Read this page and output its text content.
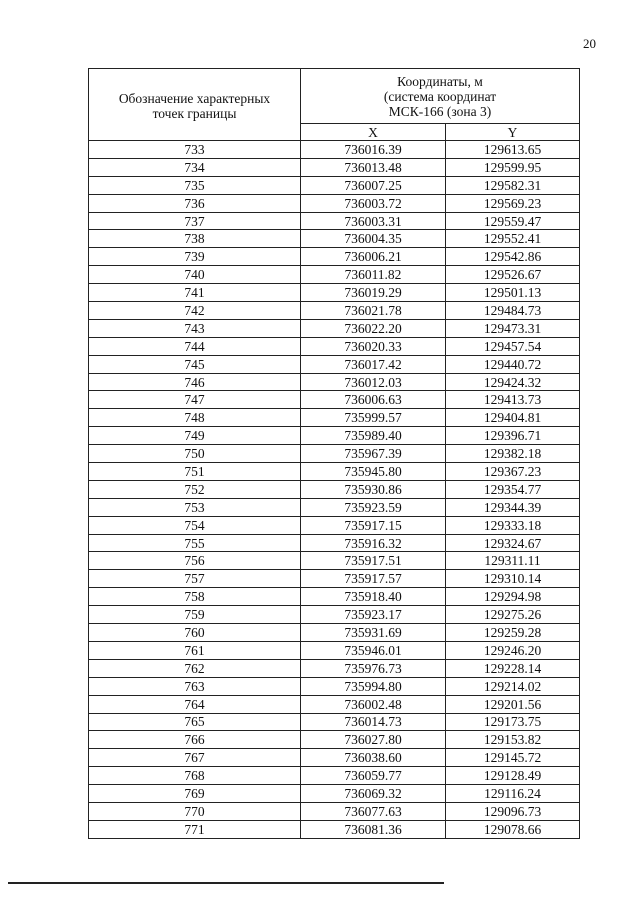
20
Обозначение характерных
точек границы	Координаты, м
(система координат
МСК-166 (зона 3)	

	X	Y
733	736016.39	129613.65
734	736013.48	129599.95
735	736007.25	129582.31
736	736003.72	129569.23
737	736003.31	129559.47
738	736004.35	129552.41
739	736006.21	129542.86
740	736011.82	129526.67
741	736019.29	129501.13
742	736021.78	129484.73
743	736022.20	129473.31
744	736020.33	129457.54
745	736017.42	129440.72
746	736012.03	129424.32
747	736006.63	129413.73
748	735999.57	129404.81
749	735989.40	129396.71
750	735967.39	129382.18
751	735945.80	129367.23
752	735930.86	129354.77
753	735923.59	129344.39
754	735917.15	129333.18
755	735916.32	129324.67
756	735917.51	129311.11
757	735917.57	129310.14
758	735918.40	129294.98
759	735923.17	129275.26
760	735931.69	129259.28
761	735946.01	129246.20
762	735976.73	129228.14
763	735994.80	129214.02
764	736002.48	129201.56
765	736014.73	129173.75
766	736027.80	129153.82
767	736038.60	129145.72
768	736059.77	129128.49
769	736069.32	129116.24
770	736077.63	129096.73
771	736081.36	129078.66
